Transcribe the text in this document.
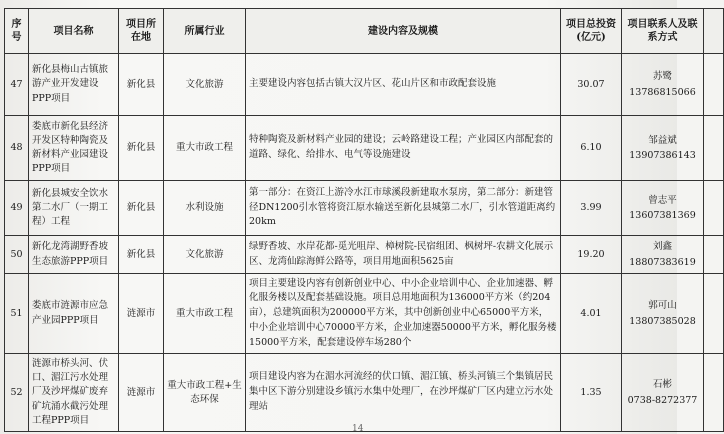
序号	项目名称	项目所在地	所属行业	建设内容及规模	项目总投资(亿元)	项目联系人及联系方式	
47	新化县梅山古镇旅游产业开发建设PPP项目	新化县	文化旅游	主要建设内容包括古镇大汉片区、花山片区和市政配套设施	30.07	苏鹭
13786815066	

48	娄底市新化县经济开发区特种陶瓷及新材料产业园建设PPP项目	新化县	重大市政工程	特种陶瓷及新材料产业园的建设；云岭路建设工程；产业园区内部配套的道路、绿化、给排水、电气等设施建设	6.10	邹益斌
13907386143	

49	新化县城安全饮水第二水厂（一期工程）工程	新化县	水利设施	第一部分：在资江上游冷水江市球溪段新建取水泵房，第二部分：新建管径DN1200引水管将资江原水输送至新化县城第二水厂，引水管道距离约20km	3.99	曾志平
13607381369	

50	新化龙湾湖野香坡生态旅游PPP项目	新化县	文化旅游	绿野香坡、水岸花都-觅光咀岸、樟树院-民宿组团、枫树坪-农耕文化展示区、龙湾仙踪海鲜公路等，项目用地面积5625亩	19.20	刘鑫
18807383619	

51	娄底市涟源市应急产业园PPP项目	涟源市	重大市政工程	项目主要建设内容有创新创业中心、中小企业培训中心、企业加速器、孵化服务楼以及配套基础设施。项目总用地面积为136000平方米（约204亩），总建筑面积为200000平方米，其中创新创业中心65000平方米，中小企业培训中心70000平方米，企业加速器50000平方米，孵化服务楼15000平方米，配套建设停车场280个	4.01	郭可山
13807385028	

52	涟源市桥头河、伏口、湄江污水处理厂及沙坪煤矿废弃矿坑涌水截污处理工程PPP项目	涟源市	重大市政工程+生态环保	项目建设内容为在湄水河流经的伏口镇、湄江镇、桥头河镇三个集镇居民集中区下游分别建设乡镇污水集中处理厂，在沙坪煤矿厂区内建立污水处理站	1.35	石彬
0738-8272377	

14
